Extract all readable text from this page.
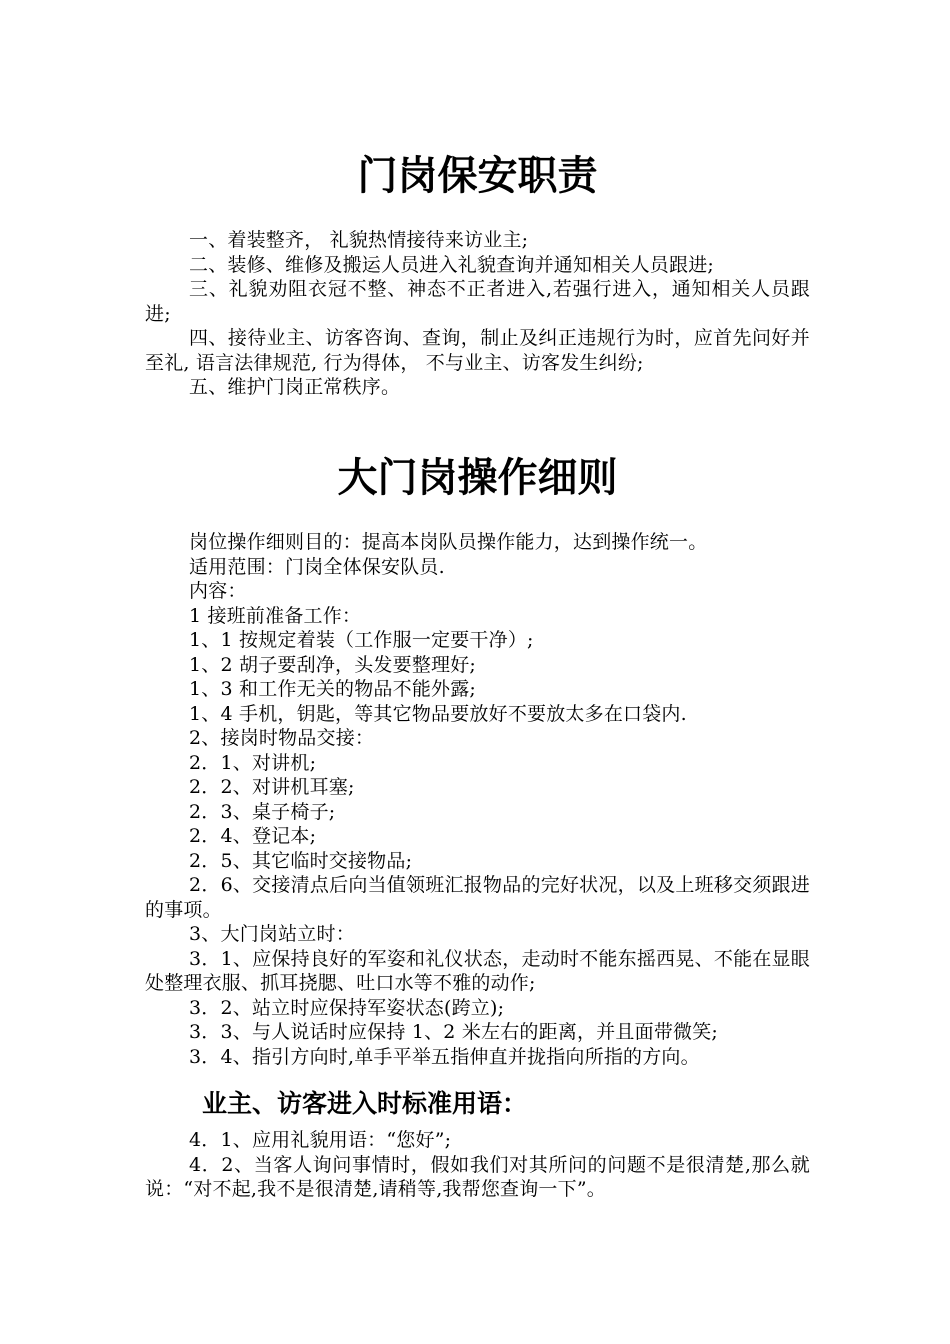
门岗保安职责

一、着装整齐， 礼貌热情接待来访业主;

二、装修、维修及搬运人员进入礼貌查询并通知相关人员跟进;

三、礼貌劝阻衣冠不整、神态不正者进入,若强行进入，通知相关人员跟进;

四、接待业主、访客咨询、查询，制止及纠正违规行为时，应首先问好并至礼, 语言法律规范, 行为得体， 不与业主、访客发生纠纷;

五、维护门岗正常秩序。

大门岗操作细则

岗位操作细则目的：提高本岗队员操作能力，达到操作统一。

适用范围：门岗全体保安队员.

内容：

1 接班前准备工作：

1、1 按规定着装（工作服一定要干净）;

1、2 胡子要刮净，头发要整理好;

1、3 和工作无关的物品不能外露;

1、4 手机，钥匙，等其它物品要放好不要放太多在口袋内.

2、接岗时物品交接：

2．1、对讲机;

2．2、对讲机耳塞;

2．3、桌子椅子;

2．4、登记本;

2．5、其它临时交接物品;

2．6、交接清点后向当值领班汇报物品的完好状况，以及上班移交须跟进的事项。

3、大门岗站立时：

3．1、应保持良好的军姿和礼仪状态，走动时不能东摇西晃、不能在显眼处整理衣服、抓耳挠腮、吐口水等不雅的动作;

3．2、站立时应保持军姿状态(跨立);

3．3、与人说话时应保持 1、2 米左右的距离，并且面带微笑;

3．4、指引方向时,单手平举五指伸直并拢指向所指的方向。

业主、访客进入时标准用语：

4．1、应用礼貌用语：“您好”;

4．2、当客人询问事情时，假如我们对其所问的问题不是很清楚,那么就说：“对不起,我不是很清楚,请稍等,我帮您查询一下”。
